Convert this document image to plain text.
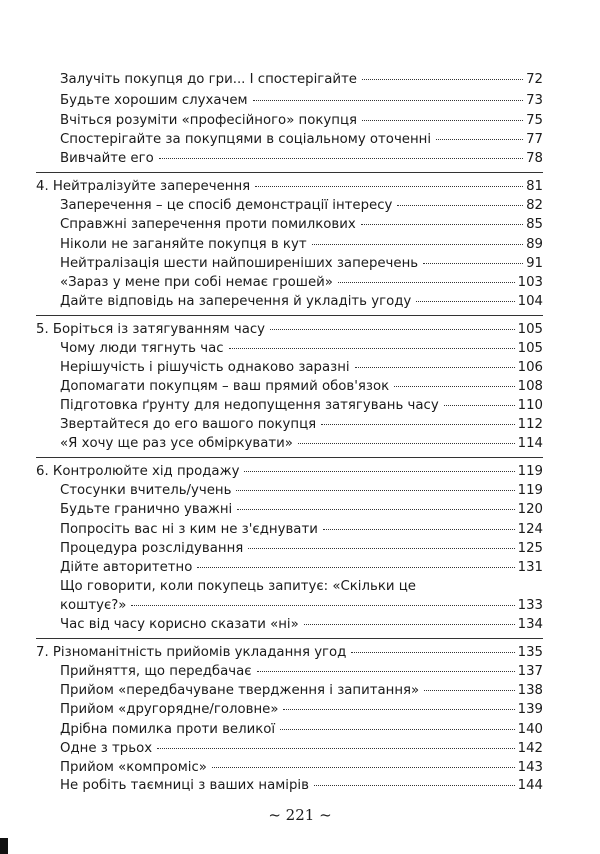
Залучіть покупця до гри... І спостерігайте	72
Будьте хорошим слухачем	73
Вчіться розуміти «професійного» покупця	75
Спостерігайте за покупцями в соціальному оточенні	77
Вивчайте его	78
4. Нейтралізуйте заперечення	81
Заперечення – це спосіб демонстрації інтересу	82
Справжні заперечення проти помилкових	85
Ніколи не заганяйте покупця в кут	89
Нейтралізація шести найпоширеніших заперечень	91
«Зараз у мене при собі немає грошей»	103
Дайте відповідь на заперечення й укладіть угоду	104
5. Боріться із затягуванням часу	105
Чому люди тягнуть час	105
Нерішучість і рішучість однаково заразні	106
Допомагати покупцям – ваш прямий обов'язок	108
Підготовка ґрунту для недопущення затягувань часу	110
Звертайтеся до его вашого покупця	112
«Я хочу ще раз усе обміркувати»	114
6. Контролюйте хід продажу	119
Стосунки вчитель/учень	119
Будьте гранично уважні	120
Попросіть вас ні з ким не з'єднувати	124
Процедура розслідування	125
Дійте авторитетно	131
Що говорити, коли покупець запитує: «Скільки це
коштує?»	133
Час від часу корисно сказати «ні»	134
7. Різноманітність прийомів укладання угод	135
Прийняття, що передбачає	137
Прийом «передбачуване твердження і запитання»	138
Прийом «другорядне/головне»	139
Дрібна помилка проти великої	140
Одне з трьох	142
Прийом «компроміс»	143
Не робіть таємниці з ваших намірів	144
~ 221 ~
